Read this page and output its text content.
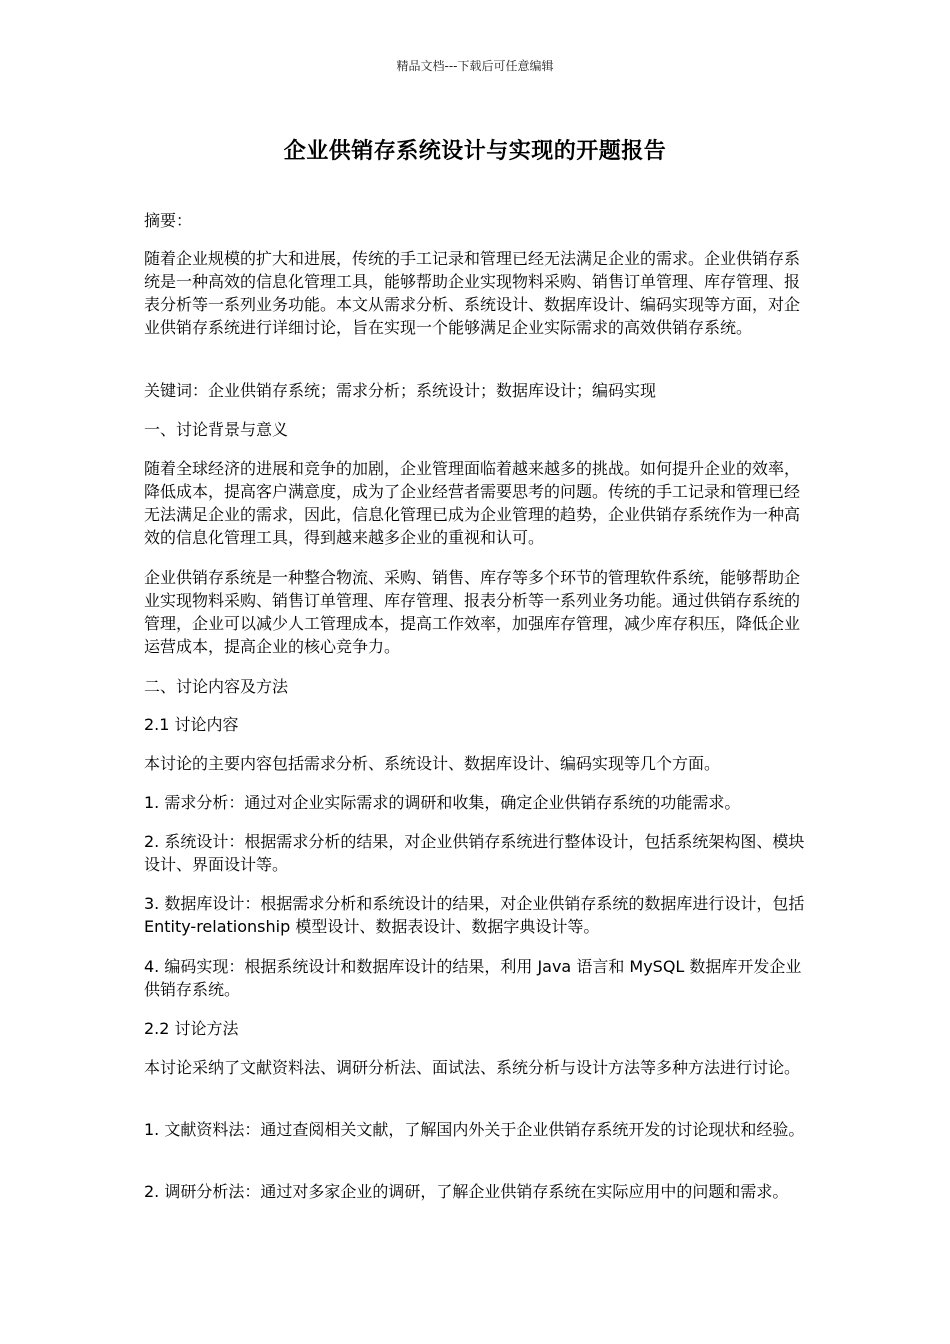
精品文档---下载后可任意编辑
企业供销存系统设计与实现的开题报告

摘要：

随着企业规模的扩大和进展，传统的手工记录和管理已经无法满足企业的需求。企业供销存系统是一种高效的信息化管理工具，能够帮助企业实现物料采购、销售订单管理、库存管理、报表分析等一系列业务功能。本文从需求分析、系统设计、数据库设计、编码实现等方面，对企业供销存系统进行详细讨论，旨在实现一个能够满足企业实际需求的高效供销存系统。

关键词：企业供销存系统；需求分析；系统设计；数据库设计；编码实现

一、讨论背景与意义

随着全球经济的进展和竞争的加剧，企业管理面临着越来越多的挑战。如何提升企业的效率，降低成本，提高客户满意度，成为了企业经营者需要思考的问题。传统的手工记录和管理已经无法满足企业的需求，因此，信息化管理已成为企业管理的趋势，企业供销存系统作为一种高效的信息化管理工具，得到越来越多企业的重视和认可。

企业供销存系统是一种整合物流、采购、销售、库存等多个环节的管理软件系统，能够帮助企业实现物料采购、销售订单管理、库存管理、报表分析等一系列业务功能。通过供销存系统的管理，企业可以减少人工管理成本，提高工作效率，加强库存管理，减少库存积压，降低企业运营成本，提高企业的核心竞争力。

二、讨论内容及方法

2.1 讨论内容

本讨论的主要内容包括需求分析、系统设计、数据库设计、编码实现等几个方面。

1. 需求分析：通过对企业实际需求的调研和收集，确定企业供销存系统的功能需求。

2. 系统设计：根据需求分析的结果，对企业供销存系统进行整体设计，包括系统架构图、模块设计、界面设计等。

3. 数据库设计：根据需求分析和系统设计的结果，对企业供销存系统的数据库进行设计，包括 Entity-relationship 模型设计、数据表设计、数据字典设计等。

4. 编码实现：根据系统设计和数据库设计的结果，利用 Java 语言和 MySQL 数据库开发企业供销存系统。

2.2 讨论方法

本讨论采纳了文献资料法、调研分析法、面试法、系统分析与设计方法等多种方法进行讨论。

1. 文献资料法：通过查阅相关文献，了解国内外关于企业供销存系统开发的讨论现状和经验。

2. 调研分析法：通过对多家企业的调研，了解企业供销存系统在实际应用中的问题和需求。
